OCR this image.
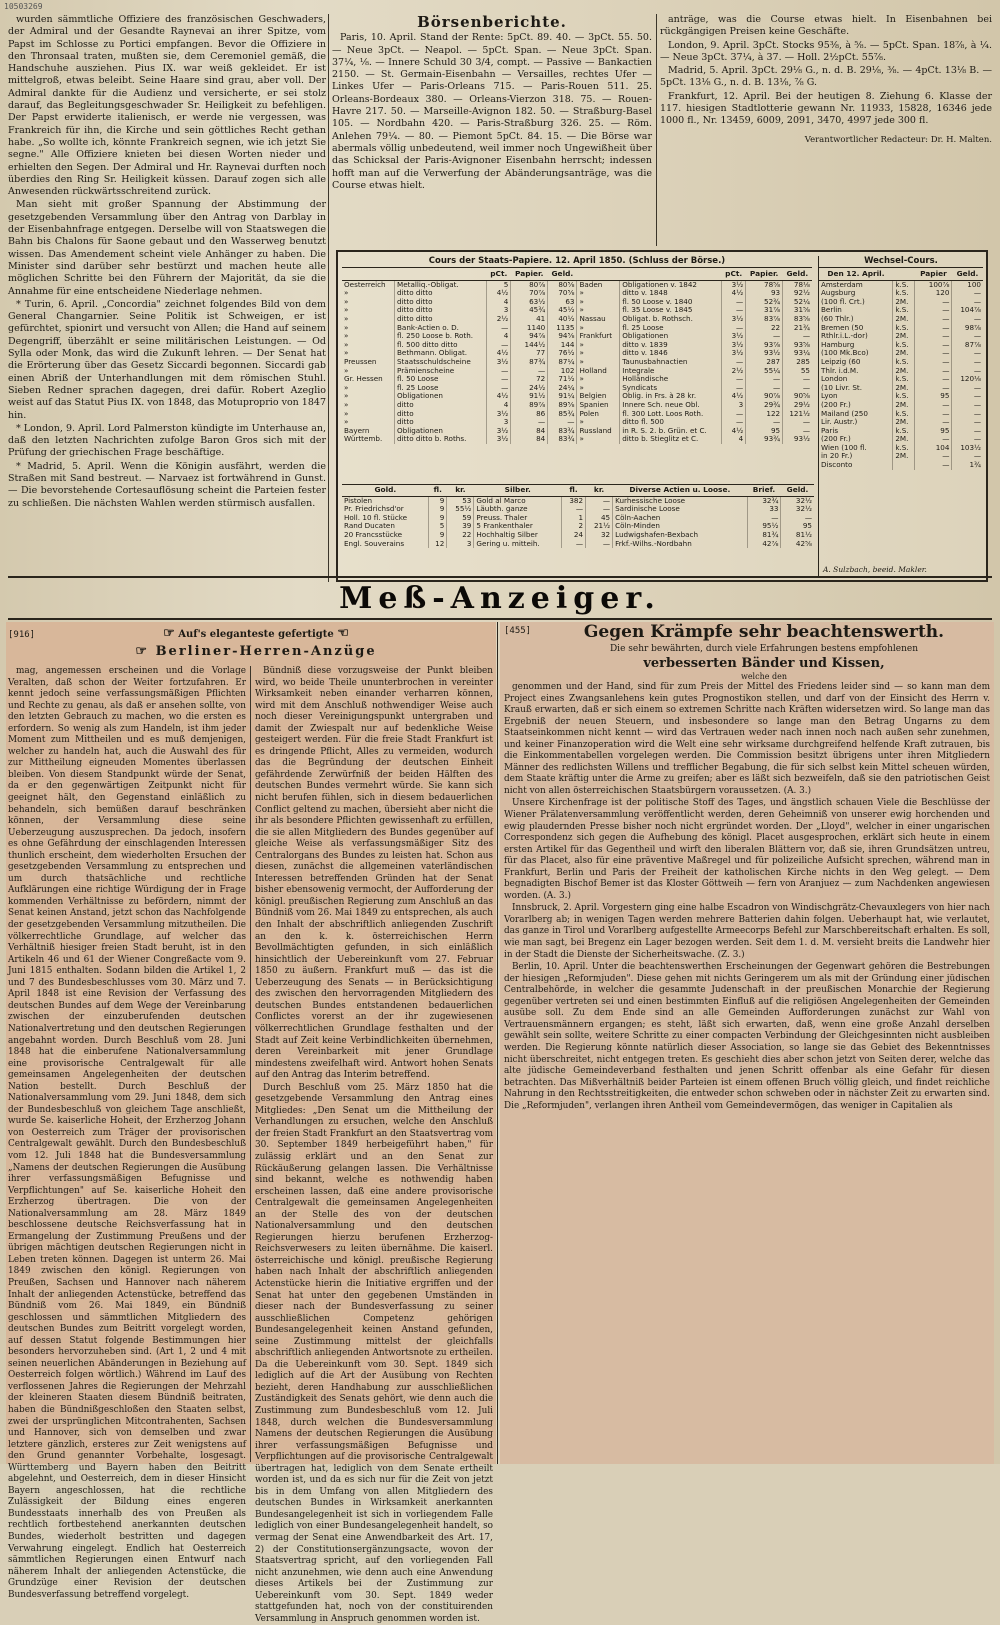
10503269

wurden sämmtliche Offiziere des französischen Geschwaders, der Admiral und der Gesandte Raynevai an ihrer Spitze, vom Papst im Schlosse zu Portici empfangen. Bevor die Offiziere in den Thronsaal traten, mußten sie, dem Ceremoniel gemäß, die Handschuhe ausziehen. Pius IX. war weiß gekleidet. Er ist mittelgroß, etwas beleibt. Seine Haare sind grau, aber voll. Der Admiral dankte für die Audienz und versicherte, er sei stolz darauf, das Begleitungsgeschwader Sr. Heiligkeit zu befehligen. Der Papst erwiderte italienisch, er werde nie vergessen, was Frankreich für ihn, die Kirche und sein göttliches Recht gethan habe. „So wollte ich, könnte Frankreich segnen, wie ich jetzt Sie segne." Alle Offiziere knieten bei diesen Worten nieder und erhielten den Segen. Der Admiral und Hr. Raynevai durften noch überdies den Ring Sr. Heiligkeit küssen. Darauf zogen sich alle Anwesenden rückwärtsschreitend zurück.

Man sieht mit großer Spannung der Abstimmung der gesetzgebenden Versammlung über den Antrag von Darblay in der Eisenbahnfrage entgegen. Derselbe will von Staatswegen die Bahn bis Chalons für Saone gebaut und den Wasserweg benutzt wissen. Das Amendement scheint viele Anhänger zu haben. Die Minister sind darüber sehr bestürzt und machen heute alle möglichen Schritte bei den Führern der Majorität, da sie die Annahme für eine entscheidene Niederlage nehmen.

* Turin, 6. April. „Concordia" zeichnet folgendes Bild von dem General Changarnier. Seine Politik ist Schweigen, er ist gefürchtet, spionirt und versucht von Allen; die Hand auf seinem Degengriff, überzählt er seine militärischen Leistungen. — Od Sylla oder Monk, das wird die Zukunft lehren. — Der Senat hat die Erörterung über das Gesetz Siccardi begonnen. Siccardi gab einen Abriß der Unterhandlungen mit dem römischen Stuhl. Sieben Redner sprachen dagegen, drei dafür. Robert Azeglio weist auf das Statut Pius IX. von 1848, das Motuproprio von 1847 hin.

* London, 9. April. Lord Palmerston kündigte im Unterhause an, daß den letzten Nachrichten zufolge Baron Gros sich mit der Prüfung der griechischen Frage beschäftige.

* Madrid, 5. April. Wenn die Königin ausfährt, werden die Straßen mit Sand bestreut. — Narvaez ist fortwährend in Gunst. — Die bevorstehende Cortesauflösung scheint die Parteien fester zu schließen. Die nächsten Wahlen werden stürmisch ausfallen.

Börsenberichte.

Paris, 10. April. Stand der Rente: 5pCt. 89. 40. — 3pCt. 55. 50. — Neue 3pCt. — Neapol. — 5pCt. Span. — Neue 3pCt. Span. 37¼, ⅛. — Innere Schuld 30 3/4, compt. — Passive — Bankactien 2150. — St. Germain-Eisenbahn — Versailles, rechtes Ufer — Linkes Ufer — Paris-Orleans 715. — Paris-Rouen 511. 25. Orleans-Bordeaux 380. — Orleans-Vierzon 318. 75. — Rouen-Havre 217. 50. — Marseille-Avignon 182. 50. — Straßburg-Basel 105. — Nordbahn 420. — Paris-Straßburg 326. 25. — Röm. Anlehen 79¼. — 80. — Piemont 5pCt. 84. 15. — Die Börse war abermals völlig unbedeutend, weil immer noch Ungewißheit über das Schicksal der Paris-Avignoner Eisenbahn herrscht; indessen hofft man auf die Verwerfung der Abänderungsanträge, was die Course etwas hielt.

anträge, was die Course etwas hielt. In Eisenbahnen bei rückgängigen Preisen keine Geschäfte.

London, 9. April. 3pCt. Stocks 95⅜, à ⅝. — 5pCt. Span. 18⅞, à ¼. — Neue 3pCt. 37¼, à 37. — Holl. 2½pCt. 55⅞.

Madrid, 5. April. 3pCt. 29⅛ G., n. d. B. 29⅛, ⅜. — 4pCt. 13⅛ B. — 5pCt. 13⅛ G., n. d. B. 13⅛, ⅞ G.

Frankfurt, 12. April. Bei der heutigen 8. Ziehung 6. Klasse der 117. hiesigen Stadtlotterie gewann Nr. 11933, 15828, 16346 jede 1000 fl., Nr. 13459, 6009, 2091, 3470, 4997 jede 300 fl.

Verantwortlicher Redacteur: Dr. H. Malten.
Cours der Staats-Papiere. 12. April 1850. (Schluss der Börse.)
		pCt.	Papier.	Geld.			pCt.	Papier.	Geld.
Oesterreich	Metalliq.-Obligat.	5	80⅞	80⅝	Baden	Obligationen v. 1842	3½	78⅝	78⅛
»	ditto ditto	4½	70⅞	70⅝	»	ditto v. 1848	4½	93	92½
»	ditto ditto	4	63½	63	»	fl. 50 Loose v. 1840	—	52¾	52¼
»	ditto ditto	3	45¾	45½	»	fl. 35 Loose v. 1845	—	31⅞	31⅝
»	ditto ditto	2½	41	40½	Nassau	Obligat. b. Rothsch.	3½	83⅞	83⅝
»	Bank-Actien o. D.	—	1140	1135	»	fl. 25 Loose	—	22	21¾
»	fl. 250 Loose b. Roth.	4	94⅞	94⅝	Frankfurt	Obligationen	3½	—	—
»	fl. 500 ditto ditto	—	144½	144	»	ditto v. 1839	3½	93⅞	93⅝
»	Bethmann. Obligat.	4½	77	76½	»	ditto v. 1846	3½	93½	93¼
Preussen	Staatsschuldscheine	3½	87¾	87¼	»	Taunusbahnactien	—	287	285
»	Prämienscheine	—	—	102	Holland	Integrale	2½	55¼	55
Gr. Hessen	fl. 50 Loose	—	72	71½	»	Holländische	—	—	—
»	fl. 25 Loose	—	24½	24¼	»	Syndicats	—	—	—
»	Obligationen	4½	91½	91¼	Belgien	Oblig. in Frs. à 28 kr.	4½	90⅞	90⅝
»	ditto	4	89⅞	89⅝	Spanien	Innere Sch. neue Obl.	3	29¾	29½
»	ditto	3½	86	85¾	Polen	fl. 300 Lott. Loos Roth.	—	122	121½
»	ditto	3	—	—	»	ditto fl. 500	—	—	—
Bayern	Obligationen	3½	84	83¾	Russland	in R. S. 2. b. Grün. et C.	4½	95	—
Württemb.	ditto ditto b. Roths.	3½	84	83¾	»	ditto b. Stieglitz et C.	4	93¾	93½
Wechsel-Cours.
Den 12. April.		Papier	Geld.
Amsterdam	k.S.	100⅞	100
Augsburg	k.S.	120	—
(100 fl. Crt.)	2M.	—	—
Berlin	k.S.	—	104⅞
(60 Thlr.)	2M.	—	—
Bremen (50	k.S.	—	98⅞
Rthlr.i.L.-dor)	2M.	—	—
Hamburg	k.S.	—	87⅞
(100 Mk.Bco)	2M.	—	—
Leipzig (60	k.S.	—	—
Thlr. i.d.M.	2M.	—	—
London	k.S.	—	120⅛
(10 Livr. St.	2M.	—	—
Lyon	k.S.	95	—
(200 Fr.)	2M.	—	—
Mailand (250	k.S.	—	—
Lir. Austr.)	2M.	—	—
Paris	k.S.	95	—
(200 Fr.)	2M.	—	—
Wien (100 fl.	k.S.	104	103½
in 20 Fr.)	2M.	—	—

Disconto		—	1¾
A. Sulzbach, beeid. Makler.
Gold.	fl.	kr.	Silber.	fl.	kr.	Diverse Actien u. Loose.	Brief.	Geld.
Pistolen	9	53	Gold al Marco	382	—	Kurhessische Loose	32¾	32½
Pr. Friedrichsd'or	9	55½	Läubth. ganze	—	—	Sardinische Loose	33	32½
Holl. 10 fl. Stücke	9	59	Preuss. Thaler	1	45	Cöln-Aachen	—	—
Rand Ducaten	5	39	5 Frankenthaler	2	21½	Cöln-Minden	95½	95
20 Francsstücke	9	22	Hochhaltig Silber	24	32	Ludwigshafen-Bexbach	81¾	81½
Engl. Souverains	12	3	Gering u. mitteih.	—	—	Frkf.-Wilhs.-Nordbahn	42⅞	42⅝
Meß-Anzeiger.
[916]	☞ Auf's eleganteste gefertigte ☜
☞ Berliner-Herren-Anzüge

mag, angemessen erscheinen und die Vorlage Veralten, daß schon der Weiter fortzufahren. Er kennt jedoch seine verfassungsmäßigen Pflichten und Rechte zu genau, als daß er ansehen sollte, von den letzten Gebrauch zu machen, wo die ersten es erfordern. So wenig als zum Handeln, ist ihm jeder Moment zum Mittheilen und es muß demjenigen, welcher zu handeln hat, auch die Auswahl des für zur Mittheilung eigneuden Momentes überlassen bleiben. Von diesem Standpunkt würde der Senat, da er den gegenwärtigen Zeitpunkt nicht für geeignet hält, den Gegenstand einläßlich zu behandeln, sich bemüßen darauf beschränken können, der Versammlung diese seine Ueberzeugung auszusprechen. Da jedoch, insofern es ohne Gefährdung der einschlagenden Interessen thunlich erscheint, dem wiederholten Ersuchen der gesetzgebenden Versammlung zu entsprechen und um durch thatsächliche und rechtliche Aufklärungen eine richtige Würdigung der in Frage kommenden Verhältnisse zu befördern, nimmt der Senat keinen Anstand, jetzt schon das Nachfolgende der gesetzgebenden Versammlung mitzutheilen. Die völkerrechtliche Grundlage, auf welcher das Verhältniß hiesiger freien Stadt beruht, ist in den Artikeln 46 und 61 der Wiener Congreßacte vom 9. Juni 1815 enthalten. Sodann bilden die Artikel 1, 2 und 7 des Bundesbeschlusses vom 30. März und 7. April 1848 ist eine Revision der Verfassung des deutschen Bundes auf dem Wege der Vereinbarung zwischen der einzuberufenden deutschen Nationalvertretung und den deutschen Regierungen angebahnt worden. Durch Beschluß vom 28. Juni 1848 hat die einberufene Nationalversammlung eine provisorische Centralgewalt für alle gemeinsamen Angelegenheiten der deutschen Nation bestellt. Durch Beschluß der Nationalversammlung vom 29. Juni 1848, dem sich der Bundesbeschluß von gleichem Tage anschließt, wurde Se. kaiserliche Hoheit, der Erzherzog Johann von Oesterreich zum Träger der provisorischen Centralgewalt gewählt. Durch den Bundesbeschluß vom 12. Juli 1848 hat die Bundesversammlung „Namens der deutschen Regierungen die Ausübung ihrer verfassungsmäßigen Befugnisse und Verpflichtungen" auf Se. kaiserliche Hoheit den Erzherzog übertragen. Die von der Nationalversammlung am 28. März 1849 beschlossene deutsche Reichsverfassung hat in Ermangelung der Zustimmung Preußens und der übrigen mächtigen deutschen Regierungen nicht in Leben treten können. Dagegen ist unterm 26. Mai 1849 zwischen den königl. Regierungen von Preußen, Sachsen und Hannover nach näherem Inhalt der anliegenden Actenstücke, betreffend das Bündniß vom 26. Mai 1849, ein Bündniß geschlossen und sämmtlichen Mitgliedern des deutschen Bundes zum Beitritt vorgelegt worden, auf dessen Statut folgende Bestimmungen hier besonders hervorzuheben sind. (Art 1, 2 und 4 mit seinen neuerlichen Abänderungen in Beziehung auf Oesterreich folgen wörtlich.) Während im Lauf des verflossenen Jahres die Regierungen der Mehrzahl der kleineren Staaten diesem Bündniß beitraten, haben die Bündnißgeschloßen den Staaten selbst, zwei der ursprünglichen Mitcontrahenten, Sachsen und Hannover, sich von demselben und zwar letztere gänzlich, ersteres zur Zeit wenigstens auf den Grund genannter Vorbehalte, losgesagt. Württemberg und Bayern haben den Beitritt abgelehnt, und Oesterreich, dem in dieser Hinsicht Bayern angeschlossen, hat die rechtliche Zulässigkeit der Bildung eines engeren Bundesstaats innerhalb des von Preußen als rechtlich fortbestehend anerkannten deutschen Bundes, wiederholt bestritten und dagegen Verwahrung eingelegt. Endlich hat Oesterreich sämmtlichen Regierungen einen Entwurf nach näherem Inhalt der anliegenden Actenstücke, die Grundzüge einer Revision der deutschen Bundesverfassung betreffend vorgelegt.

Bündniß diese vorzugsweise der Punkt bleiben wird, wo beide Theile ununterbrochen in vereinter Wirksamkeit neben einander verharren können, wird mit dem Anschluß nothwendiger Weise auch noch dieser Vereinigungspunkt untergraben und damit der Zwiespalt nur auf bedenkliche Weise gesteigert werden. Für die freie Stadt Frankfurt ist es dringende Pflicht, Alles zu vermeiden, wodurch das die Begründung der deutschen Einheit gefährdende Zerwürfniß der beiden Hälften des deutschen Bundes vermehrt würde. Sie kann sich nicht berufen fühlen, sich in diesem bedauerlichen Conflict geltend zu machen, übersieht aber nicht die ihr als besondere Pflichten gewissenhaft zu erfüllen, die sie allen Mitgliedern des Bundes gegenüber auf gleiche Weise als verfassungsmäßiger Sitz des Centralorgans des Bundes zu leisten hat. Schon aus diesen, zunächst die allgemeinen vaterländischen Interessen betreffenden Gründen hat der Senat bisher ebensowenig vermocht, der Aufforderung der königl. preußischen Regierung zum Anschluß an das Bündniß vom 26. Mai 1849 zu entsprechen, als auch den Inhalt der abschriftlich anliegenden Zuschrift an den k. k. österreichischen Herrn Bevollmächtigten gefunden, in sich einläßlich hinsichtlich der Uebereinkunft vom 27. Februar 1850 zu äußern. Frankfurt muß — das ist die Ueberzeugung des Senats — in Berücksichtigung des zwischen den hervorragenden Mitgliedern des deutschen Bundes entstandenen bedauerlichen Conflictes vorerst an der ihr zugewiesenen völkerrechtlichen Grundlage festhalten und der Stadt auf Zeit keine Verbindlichkeiten übernehmen, deren Vereinbarkeit mit jener Grundlage mindestens zweifelhaft wird. Antwort hohen Senats auf den Antrag das Interim betreffend.

Durch Beschluß vom 25. März 1850 hat die gesetzgebende Versammlung den Antrag eines Mitgliedes: „Den Senat um die Mittheilung der Verhandlungen zu ersuchen, welche den Anschluß der freien Stadt Frankfurt an den Staatsvertrag vom 30. September 1849 herbeigeführt haben," für zulässig erklärt und an den Senat zur Rückäußerung gelangen lassen. Die Verhältnisse sind bekannt, welche es nothwendig haben erscheinen lassen, daß eine andere provisorische Centralgewalt die gemeinsamen Angelegenheiten an der Stelle des von der deutschen Nationalversammlung und den deutschen Regierungen hierzu berufenen Erzherzog-Reichsverwesers zu leiten übernähme. Die kaiserl. österreichische und königl. preußische Regierung haben nach Inhalt der abschriftlich anliegenden Actenstücke hierin die Initiative ergriffen und der Senat hat unter den gegebenen Umständen in dieser nach der Bundesverfassung zu seiner ausschließlichen Competenz gehörigen Bundesangelegenheit keinen Anstand gefunden, seine Zustimmung mittelst der gleichfalls abschriftlich anliegenden Antwortsnote zu ertheilen. Da die Uebereinkunft vom 30. Sept. 1849 sich lediglich auf die Art der Ausübung von Rechten bezieht, deren Handhabung zur ausschließlichen Zuständigkeit des Senats gehört, wie denn auch die Zustimmung zum Bundesbeschluß vom 12. Juli 1848, durch welchen die Bundesversammlung Namens der deutschen Regierungen die Ausübung ihrer verfassungsmäßigen Befugnisse und Verpflichtungen auf die provisorische Centralgewalt übertragen hat, lediglich von dem Senate ertheilt worden ist, und da es sich nur für die Zeit von jetzt bis in dem Umfang von allen Mitgliedern des deutschen Bundes in Wirksamkeit anerkannten Bundesangelegenheit ist sich in vorliegendem Falle lediglich von einer Bundesangelegenheit handelt, so vermag der Senat eine Anwendbarkeit des Art. 17, 2) der Constitutionsergänzungsacte, wovon der Staatsvertrag spricht, auf den vorliegenden Fall nicht anzunehmen, wie denn auch eine Anwendung dieses Artikels bei der Zustimmung zur Uebereinkunft vom 30. Sept. 1849 weder stattgefunden hat, noch von der constituirenden Versammlung in Anspruch genommen worden ist.

[455]	Gegen Krämpfe sehr beachtenswerth.
Die sehr bewährten, durch viele Erfahrungen bestens empfohlenen
verbesserten Bänder und Kissen,
welche den

genommen und der Hand, sind für zum Preis der Mittel des Friedens leider sind — so kann man dem Project eines Zwangsanlehens kein gutes Prognostikon stellen, und darf von der Einsicht des Herrn v. Krauß erwarten, daß er sich einem so extremen Schritte nach Kräften widersetzen wird. So lange man das Ergebniß der neuen Steuern, und insbesondere so lange man den Betrag Ungarns zu dem Staatseinkommen nicht kennt — wird das Vertrauen weder nach innen noch nach außen sehr zunehmen, und keiner Finanzoperation wird die Welt eine sehr wirksame durchgreifend helfende Kraft zutrauen, bis die Einkommentabellen vorgelegen werden. Die Commission besitzt übrigens unter ihren Mitgliedern Männer des redlichsten Willens und trefflicher Begabung, die für sich selbst kein Mittel scheuen würden, dem Staate kräftig unter die Arme zu greifen; aber es läßt sich bezweifeln, daß sie den patriotischen Geist nicht von allen österreichischen Staatsbürgern voraussetzen. (A. 3.)

Unsere Kirchenfrage ist der politische Stoff des Tages, und ängstlich schauen Viele die Beschlüsse der Wiener Prälatenversammlung veröffentlicht werden, deren Geheimniß von unserer ewig horchenden und ewig plaudernden Presse bisher noch nicht ergründet worden. Der „Lloyd", welcher in einer ungarischen Correspondenz sich gegen die Aufhebung des königl. Placet ausgesprochen, erklärt sich heute in einem ersten Artikel für das Gegentheil und wirft den liberalen Blättern vor, daß sie, ihren Grundsätzen untreu, für das Placet, also für eine präventive Maßregel und für polizeiliche Aufsicht sprechen, während man in Frankfurt, Berlin und Paris der Freiheit der katholischen Kirche nichts in den Weg gelegt. — Dem begnadigten Bischof Bemer ist das Kloster Göttweih — fern von Aranjuez — zum Nachdenken angewiesen worden. (A. 3.)

Innsbruck, 2. April. Vorgestern ging eine halbe Escadron von Windischgrätz-Chevauxlegers von hier nach Vorarlberg ab; in wenigen Tagen werden mehrere Batterien dahin folgen. Ueberhaupt hat, wie verlautet, das ganze in Tirol und Vorarlberg aufgestellte Armeecorps Befehl zur Marschbereitschaft erhalten. Es soll, wie man sagt, bei Bregenz ein Lager bezogen werden. Seit dem 1. d. M. versieht breits die Landwehr hier in der Stadt die Dienste der Sicherheitswache. (Z. 3.)

Berlin, 10. April. Unter die beachtenswerthen Erscheinungen der Gegenwart gehören die Bestrebungen der hiesigen „Reformjuden". Diese gehen mit nichts Geringerem um als mit der Gründung einer jüdischen Centralbehörde, in welcher die gesammte Judenschaft in der preußischen Monarchie der Regierung gegenüber vertreten sei und einen bestimmten Einfluß auf die religiösen Angelegenheiten der Gemeinden ausübe soll. Zu dem Ende sind an alle Gemeinden Aufforderungen zunächst zur Wahl von Vertrauensmännern ergangen; es steht, läßt sich erwarten, daß, wenn eine große Anzahl derselben gewählt sein sollte, weitere Schritte zu einer compacten Verbindung der Gleichgesinnten nicht ausbleiben werden. Die Regierung könnte natürlich dieser Association, so lange sie das Gebiet des Bekenntnisses nicht überschreitet, nicht entgegen treten. Es geschieht dies aber schon jetzt von Seiten derer, welche das alte jüdische Gemeindeverband festhalten und jenen Schritt offenbar als eine Gefahr für diesen betrachten. Das Mißverhältniß beider Parteien ist einem offenen Bruch völlig gleich, und findet reichliche Nahrung in den Rechtsstreitigkeiten, die entweder schon schweben oder in nächster Zeit zu erwarten sind. Die „Reformjuden", verlangen ihren Antheil vom Gemeindevermögen, das weniger in Capitalien als
